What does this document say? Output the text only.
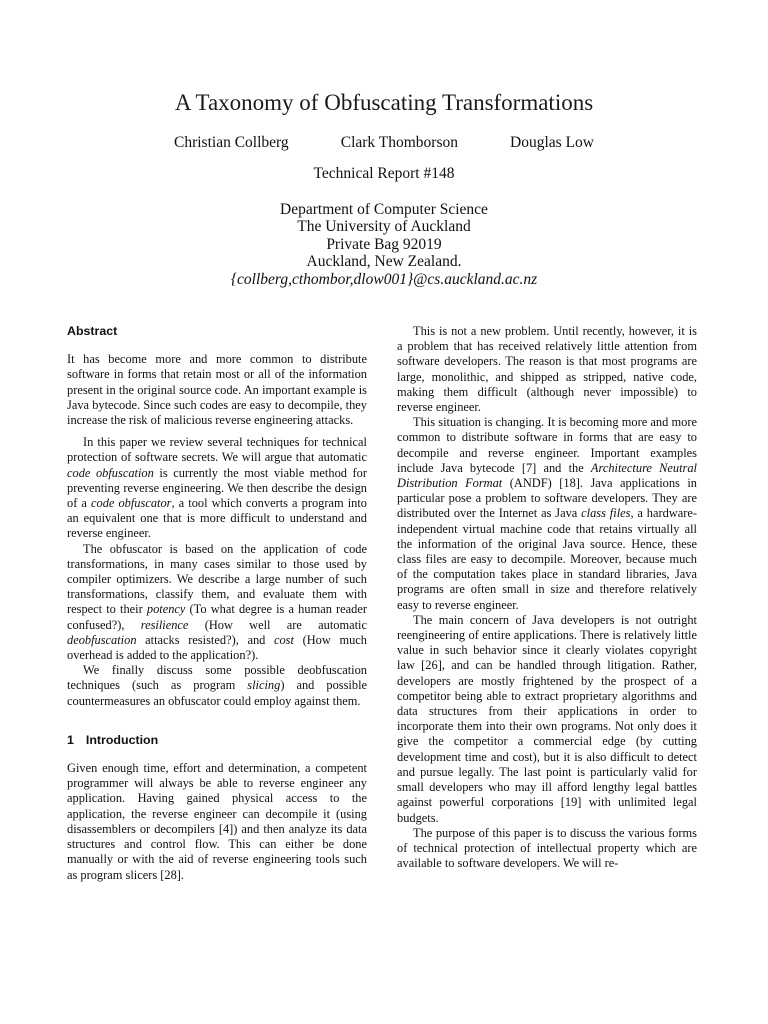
A Taxonomy of Obfuscating Transformations
Christian Collberg	Clark Thomborson	Douglas Low
Technical Report #148
Department of Computer Science
The University of Auckland
Private Bag 92019
Auckland, New Zealand.
{collberg,cthombor,dlow001}@cs.auckland.ac.nz
Abstract

It has become more and more common to distribute software in forms that retain most or all of the information present in the original source code. An important example is Java bytecode. Since such codes are easy to decompile, they increase the risk of malicious reverse engineering attacks.

In this paper we review several techniques for technical protection of software secrets. We will argue that automatic code obfuscation is currently the most viable method for preventing reverse engineering. We then describe the design of a code obfuscator, a tool which converts a program into an equivalent one that is more difficult to understand and reverse engineer.

The obfuscator is based on the application of code transformations, in many cases similar to those used by compiler optimizers. We describe a large number of such transformations, classify them, and evaluate them with respect to their potency (To what degree is a human reader confused?), resilience (How well are automatic deobfuscation attacks resisted?), and cost (How much overhead is added to the application?).

We finally discuss some possible deobfuscation techniques (such as program slicing) and possible countermeasures an obfuscator could employ against them.

1 Introduction

Given enough time, effort and determination, a competent programmer will always be able to reverse engineer any application. Having gained physical access to the application, the reverse engineer can decompile it (using disassemblers or decompilers [4]) and then analyze its data structures and control flow. This can either be done manually or with the aid of reverse engineering tools such as program slicers [28].

This is not a new problem. Until recently, however, it is a problem that has received relatively little attention from software developers. The reason is that most programs are large, monolithic, and shipped as stripped, native code, making them difficult (although never impossible) to reverse engineer.

This situation is changing. It is becoming more and more common to distribute software in forms that are easy to decompile and reverse engineer. Important examples include Java bytecode [7] and the Architecture Neutral Distribution Format (ANDF) [18]. Java applications in particular pose a problem to software developers. They are distributed over the Internet as Java class files, a hardware-independent virtual machine code that retains virtually all the information of the original Java source. Hence, these class files are easy to decompile. Moreover, because much of the computation takes place in standard libraries, Java programs are often small in size and therefore relatively easy to reverse engineer.

The main concern of Java developers is not outright reengineering of entire applications. There is relatively little value in such behavior since it clearly violates copyright law [26], and can be handled through litigation. Rather, developers are mostly frightened by the prospect of a competitor being able to extract proprietary algorithms and data structures from their applications in order to incorporate them into their own programs. Not only does it give the competitor a commercial edge (by cutting development time and cost), but it is also difficult to detect and pursue legally. The last point is particularly valid for small developers who may ill afford lengthy legal battles against powerful corporations [19] with unlimited legal budgets.

The purpose of this paper is to discuss the various forms of technical protection of intellectual property which are available to software developers. We will re-
